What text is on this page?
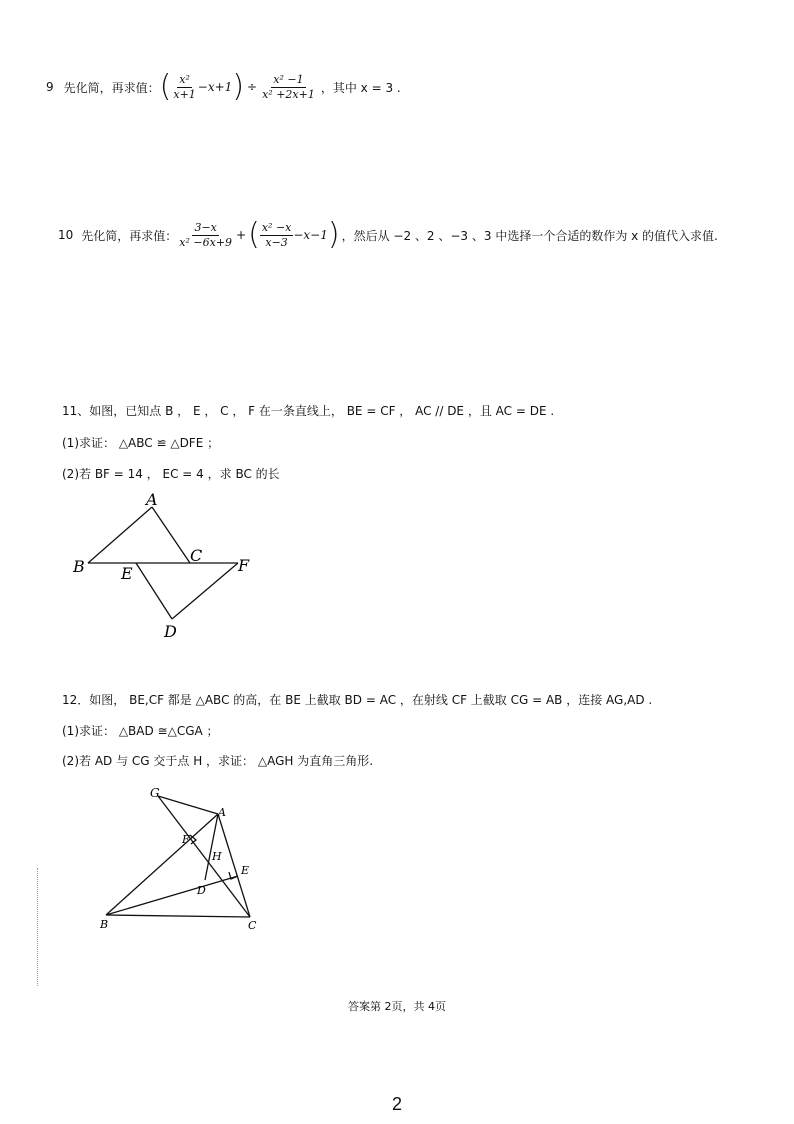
9 先化简，再求值： ( $\frac{\text{x²}}{x+1} -x+1$ ) ÷ $\frac{\text{x² −1}}{\text{x² +2x+1}}$ ，其中 x = 3 .
10 先化简，再求值： $\frac{3-x}{\text{x² −6x+9}}$ + ( $\frac{\text{x² −x}}{x-3} -x-1$ ) ，然后从 −2 、2 、−3 、3 中选择一个合适的数作为 x 的值代入求值.
11、如图，已知点 B ， E ， C ， F 在一条直线上， BE = CF ， AC // DE ，且 AC = DE .
(1)求证： △ABC ≌ △DFE ；
(2)若 BF = 14 ， EC = 4 ，求 BC 的长
A
B
C
E	F
D
12．如图， BE,CF 都是 △ABC 的高，在 BE 上截取 BD = AC ，在射线 CF 上截取 CG = AB ，连接 AG,AD .
(1)求证： △BAD ≅△CGA ；
(2)若 AD 与 CG 交于点 H ，求证： △AGH 为直角三角形.
G
A
F
H
E
D
B	C
答案第 2页，共 4页
2
